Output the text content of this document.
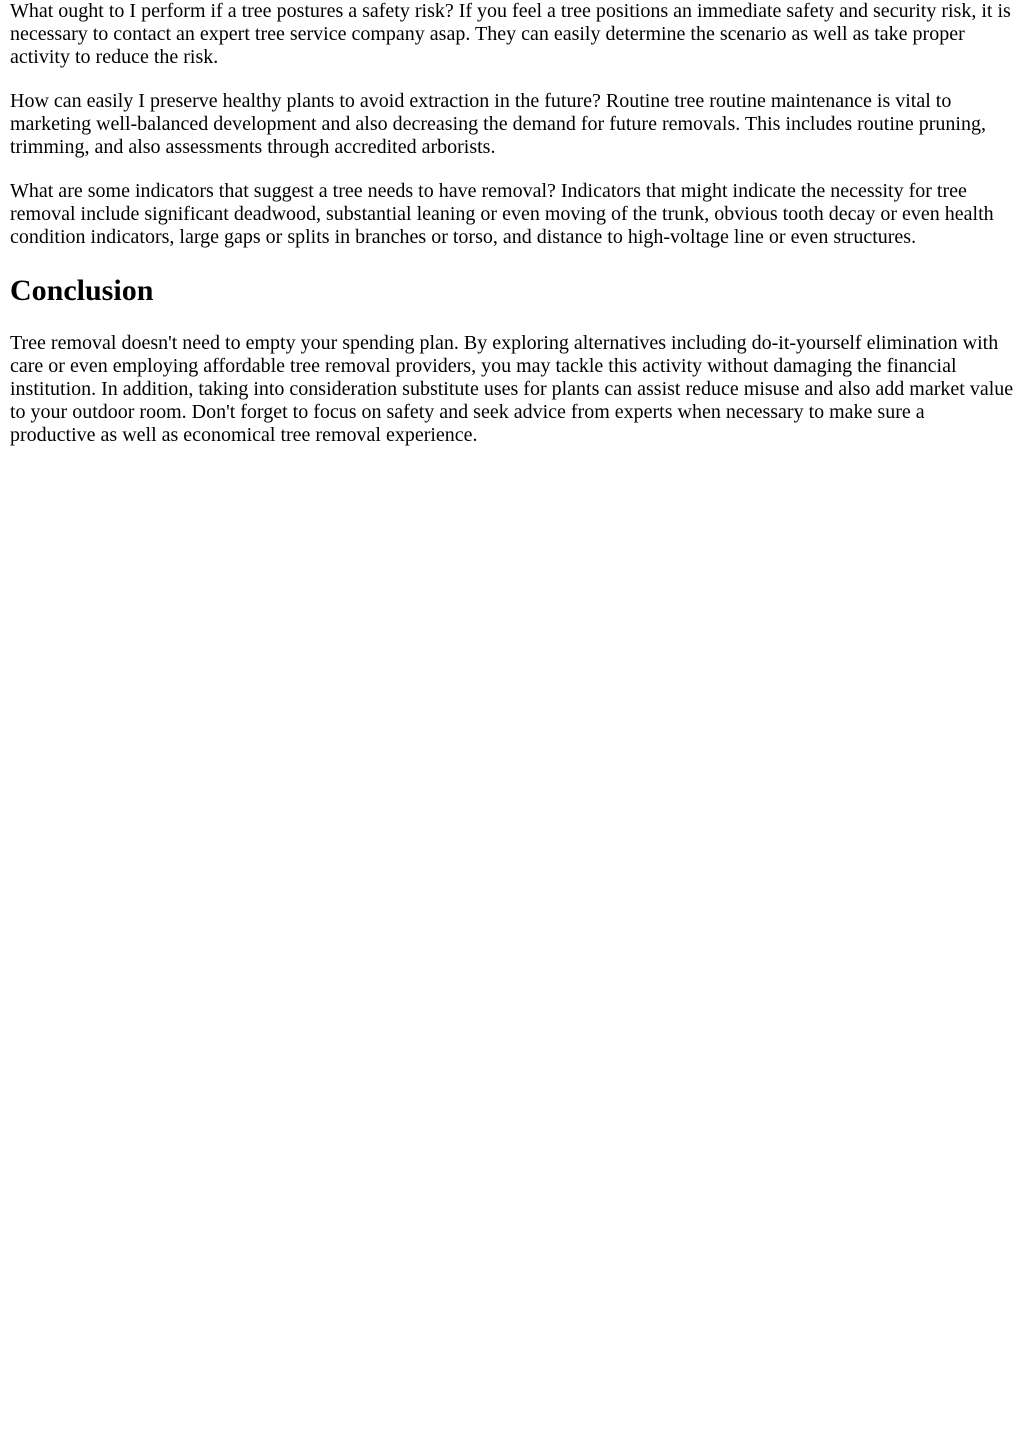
What ought to I perform if a tree postures a safety risk? If you feel a tree positions an immediate safety and security risk, it is necessary to contact an expert tree service company asap. They can easily determine the scenario as well as take proper activity to reduce the risk.

How can easily I preserve healthy plants to avoid extraction in the future? Routine tree routine maintenance is vital to marketing well-balanced development and also decreasing the demand for future removals. This includes routine pruning, trimming, and also assessments through accredited arborists.

What are some indicators that suggest a tree needs to have removal? Indicators that might indicate the necessity for tree removal include significant deadwood, substantial leaning or even moving of the trunk, obvious tooth decay or even health condition indicators, large gaps or splits in branches or torso, and distance to high-voltage line or even structures.

Conclusion

Tree removal doesn't need to empty your spending plan. By exploring alternatives including do-it-yourself elimination with care or even employing affordable tree removal providers, you may tackle this activity without damaging the financial institution. In addition, taking into consideration substitute uses for plants can assist reduce misuse and also add market value to your outdoor room. Don't forget to focus on safety and seek advice from experts when necessary to make sure a productive as well as economical tree removal experience.
